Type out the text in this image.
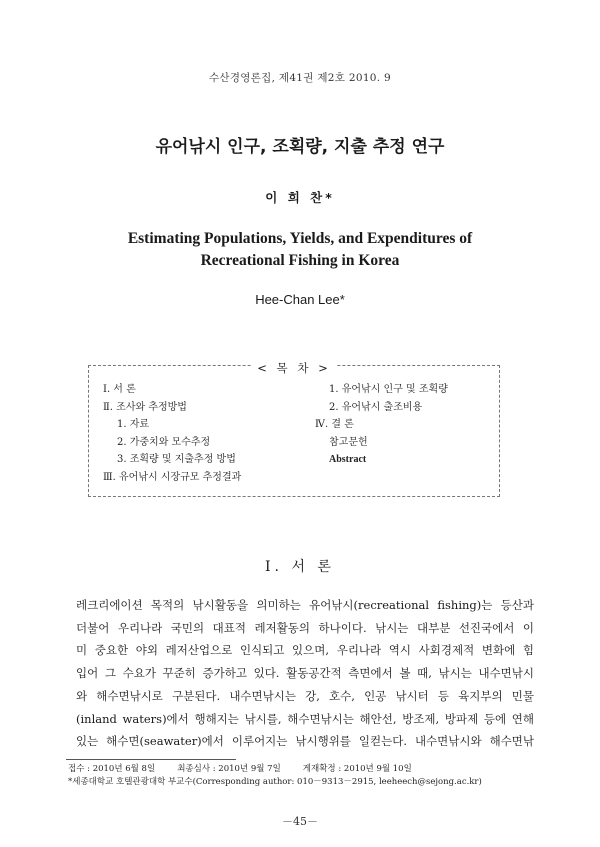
수산경영론집, 제41권 제2호 2010. 9
유어낚시 인구, 조획량, 지출 추정 연구
이 희 찬*
Estimating Populations, Yields, and Expenditures of
Recreational Fishing in Korea
Hee-Chan Lee*
< 목 차 >
Ⅰ. 서 론
Ⅱ. 조사와 추정방법
1. 자료
2. 가중치와 모수추정
3. 조획량 및 지출추정 방법
Ⅲ. 유어낚시 시장규모 추정결과
1. 유어낚시 인구 및 조획량
2. 유어낚시 출조비용
Ⅳ. 결 론
참고문헌
Abstract
Ⅰ. 서 론
레크리에이션 목적의 낚시활동을 의미하는 유어낚시(recreational fishing)는 등산과
더불어 우리나라 국민의 대표적 레저활동의 하나이다. 낚시는 대부분 선진국에서 이
미 중요한 야외 레저산업으로 인식되고 있으며, 우리나라 역시 사회경제적 변화에 힘
입어 그 수요가 꾸준히 증가하고 있다. 활동공간적 측면에서 볼 때, 낚시는 내수면낚시
와 해수면낚시로 구분된다. 내수면낚시는 강, 호수, 인공 낚시터 등 육지부의 민물
(inland waters)에서 행해지는 낚시를, 해수면낚시는 해안선, 방조제, 방파제 등에 연해
있는 해수면(seawater)에서 이루어지는 낚시행위를 일컫는다. 내수면낚시와 해수면낚
접수 : 2010년 6월 8일	최종심사 : 2010년 9월 7일	게재확정 : 2010년 9월 10일
*세종대학교 호텔관광대학 부교수(Corresponding author: 010－9313－2915, leeheech@sejong.ac.kr)
－45－
